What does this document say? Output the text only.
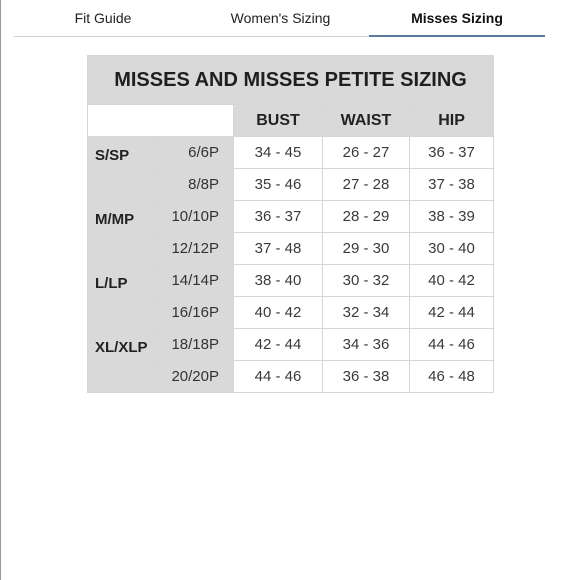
Fit Guide	Women's Sizing	Misses Sizing
MISSES AND MISSES PETITE SIZING				
		BUST	WAIST	HIP
S/SP	6/6P	34 - 45	26 - 27	36 - 37
	8/8P	35 - 46	27 - 28	37 - 38
M/MP	10/10P	36 - 37	28 - 29	38 - 39
	12/12P	37 - 48	29 - 30	30 - 40
L/LP	14/14P	38 - 40	30 - 32	40 - 42
	16/16P	40 - 42	32 - 34	42 - 44
XL/XLP	18/18P	42 - 44	34 - 36	44 - 46
	20/20P	44 - 46	36 - 38	46 - 48
